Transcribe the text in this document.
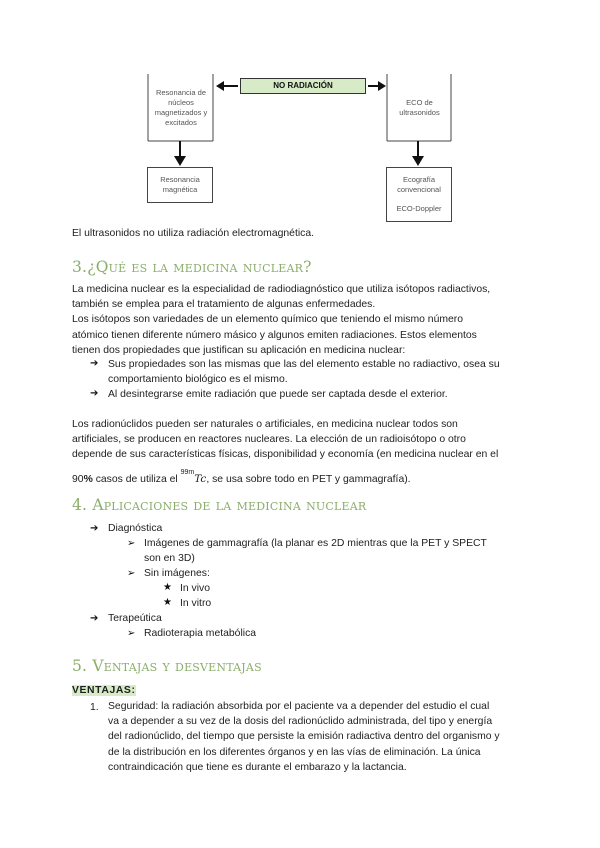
Resonancia de núcleos magnetizados y excitados
ECO de ultrasonidos
NO RADIACIÓN
Resonancia magnética
Ecografía convencional
ECO-Doppler
El ultrasonidos no utiliza radiación electromagnética.
3.¿Qué es la medicina nuclear?
La medicina nuclear es la especialidad de radiodiagnóstico que utiliza isótopos radiactivos,
también se emplea para el tratamiento de algunas enfermedades.
Los isótopos son variedades de un elemento químico que teniendo el mismo número
atómico tienen diferente número másico y algunos emiten radiaciones. Estos elementos
tienen dos propiedades que justifican su aplicación en medicina nuclear:
➔ Sus propiedades son las mismas que las del elemento estable no radiactivo, osea su
comportamiento biológico es el mismo.
➔ Al desintegrarse emite radiación que puede ser captada desde el exterior.
Los radionúclidos pueden ser naturales o artificiales, en medicina nuclear todos son
artificiales, se producen en reactores nucleares. La elección de un radioisótopo o otro
depende de sus características físicas, disponibilidad y economía (en medicina nuclear en el
90% casos de utiliza el $^{99m}$Tc, se usa sobre todo en PET y gammagrafía).
4. Aplicaciones de la medicina nuclear
➔ Diagnóstica
➢ Imágenes de gammagrafía (la planar es 2D mientras que la PET y SPECT
son en 3D)
➢ Sin imágenes:
★ In vivo
★ In vitro
➔ Terapeútica
➢ Radioterapia metabólica
5. Ventajas y desventajas
VENTAJAS:
1. Seguridad: la radiación absorbida por el paciente va a depender del estudio el cual
va a depender a su vez de la dosis del radionúclido administrada, del tipo y energía
del radionúclido, del tiempo que persiste la emisión radiactiva dentro del organismo y
de la distribución en los diferentes órganos y en las vías de eliminación. La única
contraindicación que tiene es durante el embarazo y la lactancia.
